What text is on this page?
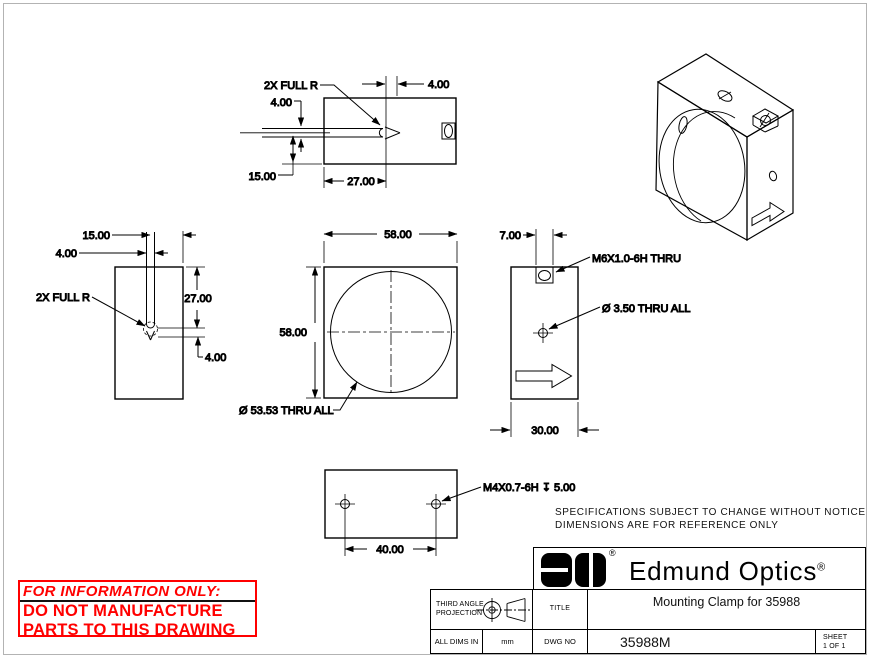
SPECIFICATIONS SUBJECT TO CHANGE WITHOUT NOTICE
DIMENSIONS ARE FOR REFERENCE ONLY
FOR INFORMATION ONLY:
DO NOT MANUFACTURE
PARTS TO THIS DRAWING
®
Edmund Optics®
THIRD ANGLE
PROJECTION
TITLE	Mounting Clamp for 35988
ALL DIMS IN	mm	DWG NO	35988M	SHEET
1 OF 1
4.00
2X FULL R
4.00
15.00	27.00
58.00
58.00
Ø 53.53 THRU ALL
7.00
M6X1.0-6H THRU
Ø 3.50 THRU ALL
30.00
40.00
M4X0.7-6H ↧ 5.00
15.00
4.00
27.00
4.00
2X FULL R
